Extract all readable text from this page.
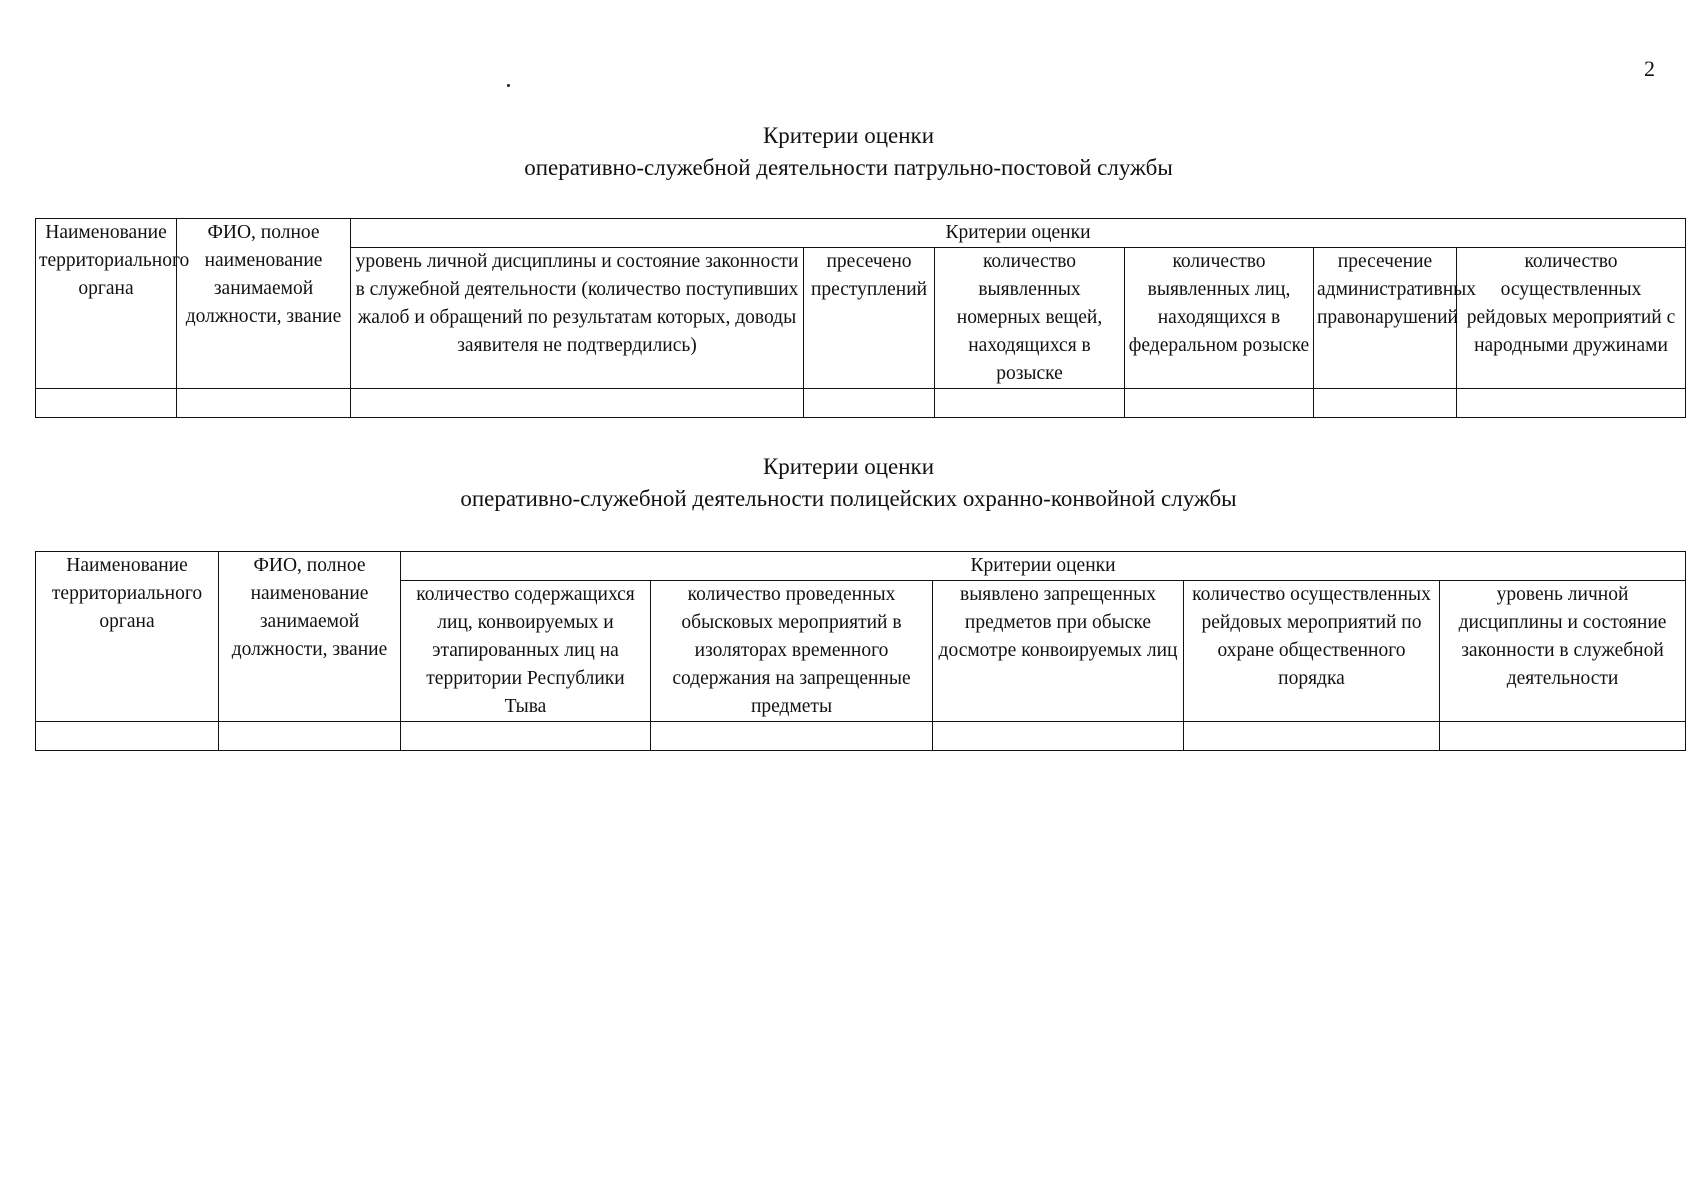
2
Критерии оценки
оперативно-служебной деятельности патрульно-постовой службы
Наименование территориального органа	ФИО, полное наименование занимаемой должности, звание	Критерии оценки					
		уровень личной дисциплины и состояние законности в служебной деятельности (количество поступивших жалоб и обращений по результатам которых, доводы заявителя не подтвердились)	пресечено преступлений	количество выявленных номерных вещей, находящихся в розыске	количество выявленных лиц, находящихся в федеральном розыске	пресечение административных правонарушений	количество осуществленных рейдовых мероприятий с народными дружинами

Критерии оценки
оперативно-служебной деятельности полицейских охранно-конвойной службы
Наименование территориального органа	ФИО, полное наименование занимаемой должности, звание	Критерии оценки				
		количество содержащихся лиц, конвоируемых и этапированных лиц на территории Республики Тыва	количество проведенных обысковых мероприятий в изоляторах временного содержания на запрещенные предметы	выявлено запрещенных предметов при обыске досмотре конвоируемых лиц	количество осуществленных рейдовых мероприятий по охране общественного порядка	уровень личной дисциплины и состояние законности в служебной деятельности
